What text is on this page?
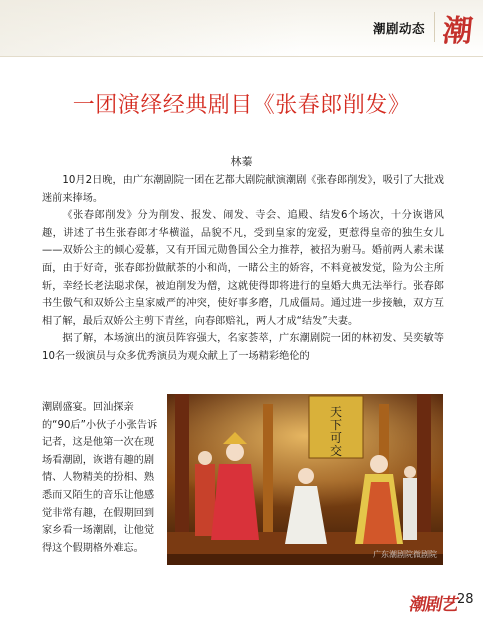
潮剧动态 潮
一团演绎经典剧目《张春郎削发》
林蓁

10月2日晚，由广东潮剧院一团在艺都大剧院献演潮剧《张春郎削发》，吸引了大批戏迷前来捧场。

《张春郎削发》分为削发、报发、闹发、寺会、追殿、结发6个场次，十分诙谐风趣，讲述了书生张春郎才华横溢，品貌不凡，受到皇家的宠爱，更惹得皇帝的独生女儿——双娇公主的倾心爱慕，又有开国元勋鲁国公全力推荐，被招为驸马。婚前两人素未谋面，由于好奇，张春郎扮做献茶的小和尚，一睹公主的娇容，不料竟被发觉，险为公主所斩，幸经长老法聪求保，被迫削发为僧，这就使得即将进行的皇婚大典无法举行。张春郎书生傲气和双娇公主皇家威严的冲突，使好事多磨，几成僵局。通过进一步接触，双方互相了解，最后双娇公主剪下青丝，向春郎赔礼，两人才成“结发”夫妻。

据了解，本场演出的演员阵容强大，名家荟萃，广东潮剧院一团的林初发、吴奕敏等10名一级演员与众多优秀演员为观众献上了一场精彩绝伦的

潮剧盛宴。回汕探亲的“90后”小伙子小张告诉记者，这是他第一次在现场看潮剧，诙谐有趣的剧情、人物精美的扮相、熟悉而又陌生的音乐让他感觉非常有趣，在假期回到家乡看一场潮剧，让他觉得这个假期格外难忘。
天下可交
广东潮剧院微剧院
潮剧艺
28
